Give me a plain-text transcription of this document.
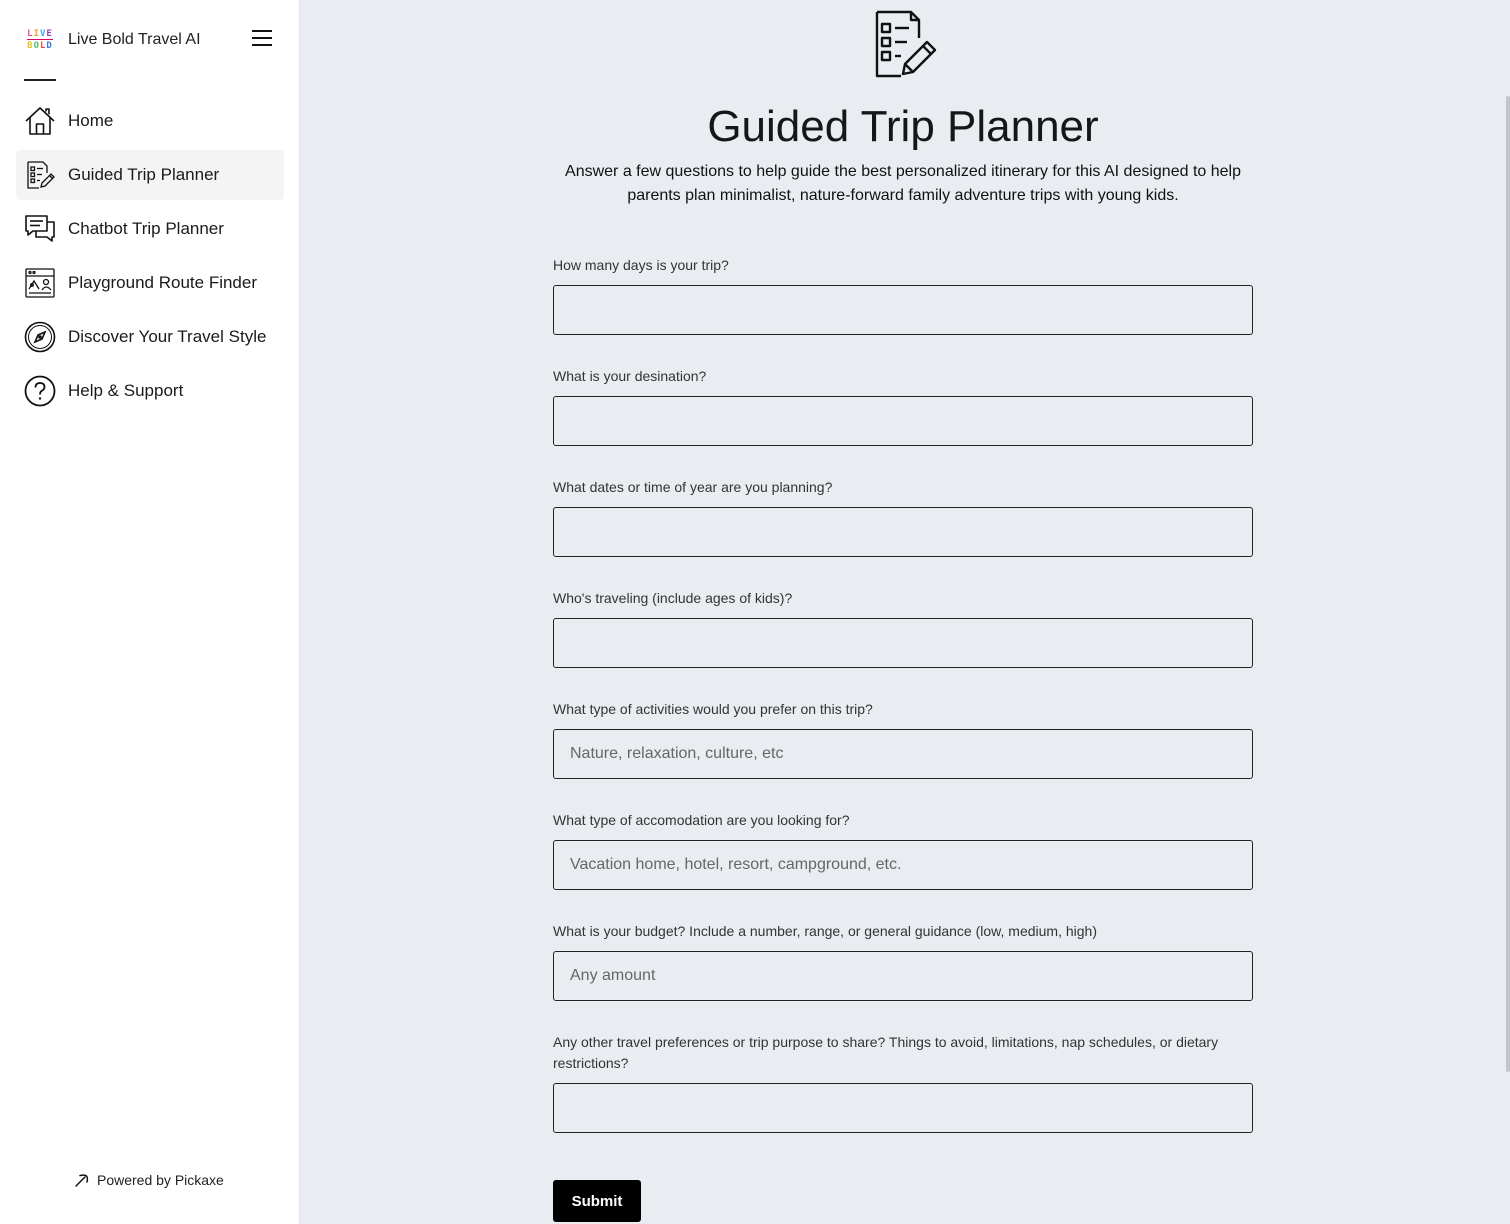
LIVE
BOLD Live Bold Travel AI
Home
Guided Trip Planner
Chatbot Trip Planner
Playground Route Finder
Discover Your Travel Style
Help & Support
Powered by Pickaxe
Guided Trip Planner

Answer a few questions to help guide the best personalized itinerary for this AI designed to help parents plan minimalist, nature-forward family adventure trips with young kids.

How many days is your trip?
What is your desination?
What dates or time of year are you planning?
Who's traveling (include ages of kids)?
What type of activities would you prefer on this trip?
Nature, relaxation, culture, etc
What type of accomodation are you looking for?
Vacation home, hotel, resort, campground, etc.
What is your budget? Include a number, range, or general guidance (low, medium, high)
Any amount
Any other travel preferences or trip purpose to share? Things to avoid, limitations, nap schedules, or dietary restrictions?
Submit
